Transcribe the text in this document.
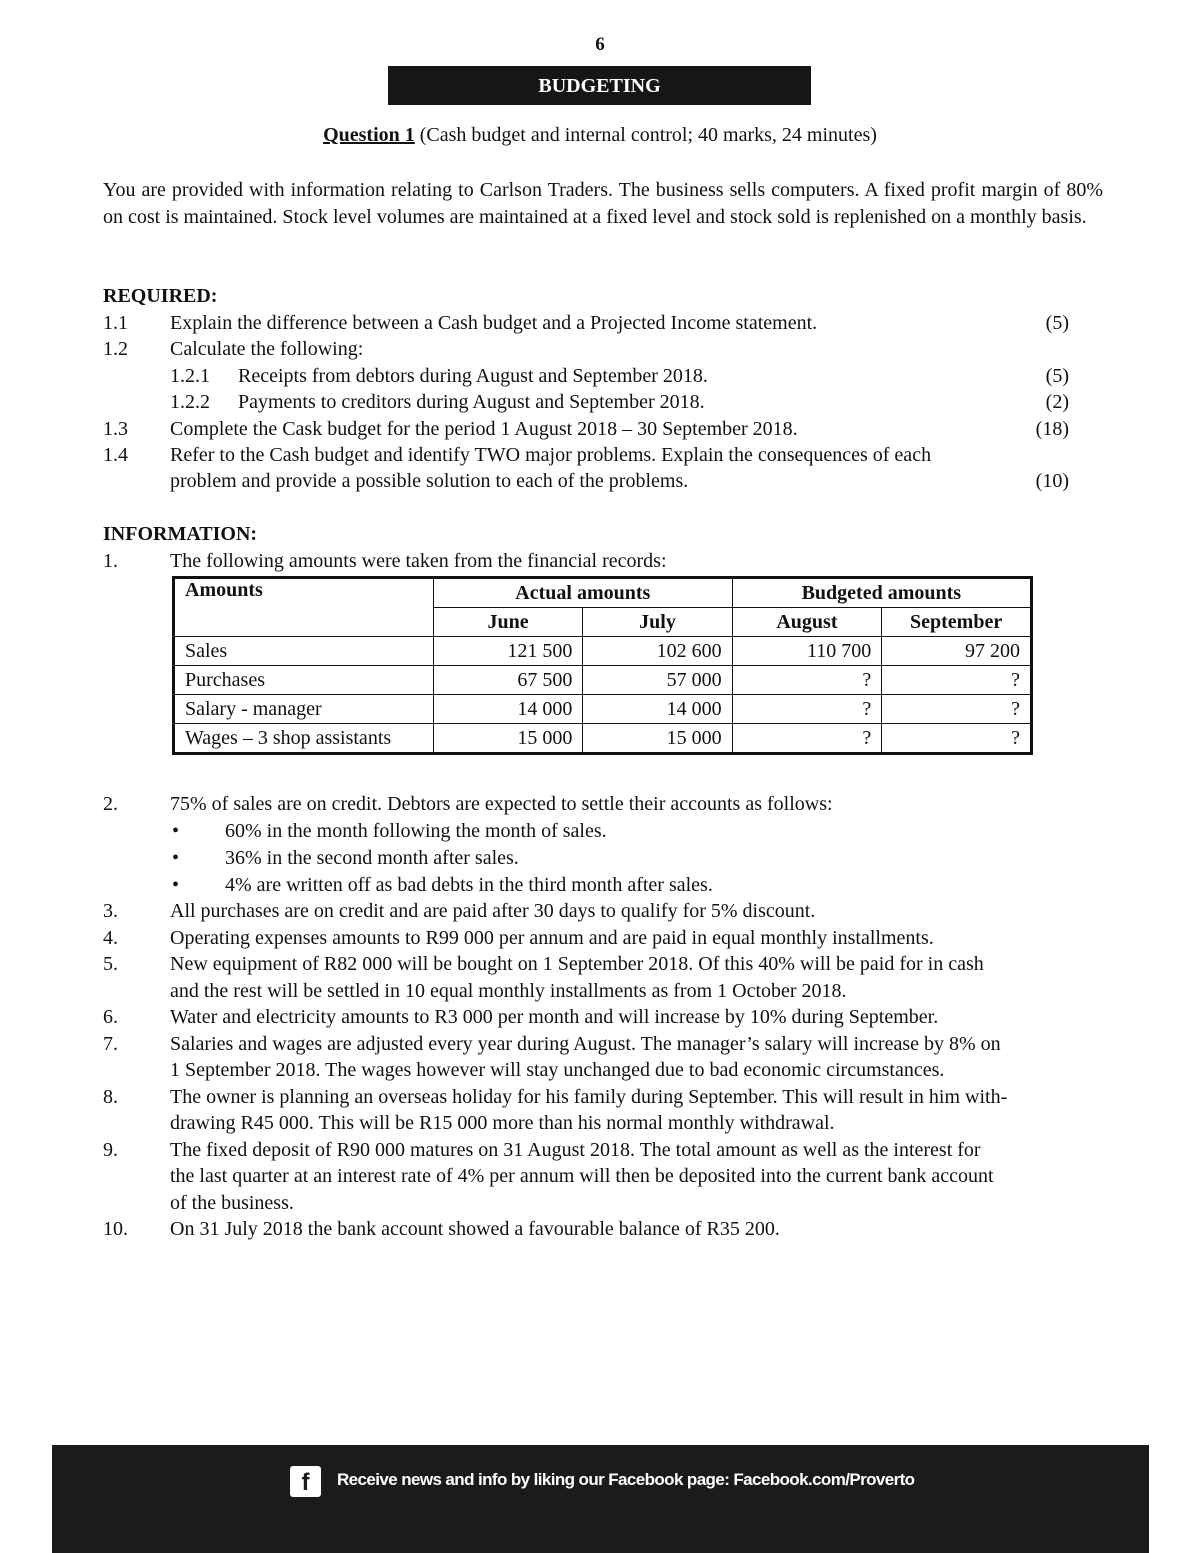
6
BUDGETING
Question 1 (Cash budget and internal control; 40 marks, 24 minutes)
You are provided with information relating to Carlson Traders. The business sells computers. A fixed profit margin of 80% on cost is maintained. Stock level volumes are maintained at a fixed level and stock sold is replenished on a monthly basis.
REQUIRED:
1.1 Explain the difference between a Cash budget and a Projected Income statement.	(5)
1.2 Calculate the following:
1.2.1 Receipts from debtors during August and September 2018.	(5)
1.2.2 Payments to creditors during August and September 2018.	(2)
1.3 Complete the Cask budget for the period 1 August 2018 – 30 September 2018.	(18)
1.4 Refer to the Cash budget and identify TWO major problems. Explain the consequences of each
problem and provide a possible solution to each of the problems.	(10)
INFORMATION:
1.	The following amounts were taken from the financial records:
Amounts	Actual amounts		Budgeted amounts	
	June	July	August	September
Sales	121 500	102 600	110 700	97 200
Purchases	67 500	57 000	?	?
Salary - manager	14 000	14 000	?	?
Wages – 3 shop assistants	15 000	15 000	?	?
2.	75% of sales are on credit. Debtors are expected to settle their accounts as follows:
• 60% in the month following the month of sales.
• 36% in the second month after sales.
• 4% are written off as bad debts in the third month after sales.
3.	All purchases are on credit and are paid after 30 days to qualify for 5% discount.
4.	Operating expenses amounts to R99 000 per annum and are paid in equal monthly installments.
5.	New equipment of R82 000 will be bought on 1 September 2018. Of this 40% will be paid for in cash
and the rest will be settled in 10 equal monthly installments as from 1 October 2018.
6.	Water and electricity amounts to R3 000 per month and will increase by 10% during September.
7.	Salaries and wages are adjusted every year during August. The manager’s salary will increase by 8% on
1 September 2018. The wages however will stay unchanged due to bad economic circumstances.
8.	The owner is planning an overseas holiday for his family during September. This will result in him with-
drawing R45 000. This will be R15 000 more than his normal monthly withdrawal.
9.	The fixed deposit of R90 000 matures on 31 August 2018. The total amount as well as the interest for
the last quarter at an interest rate of 4% per annum will then be deposited into the current bank account
of the business.
10. On 31 July 2018 the bank account showed a favourable balance of R35 200.
f	Receive news and info by liking our Facebook page: Facebook.com/Proverto
